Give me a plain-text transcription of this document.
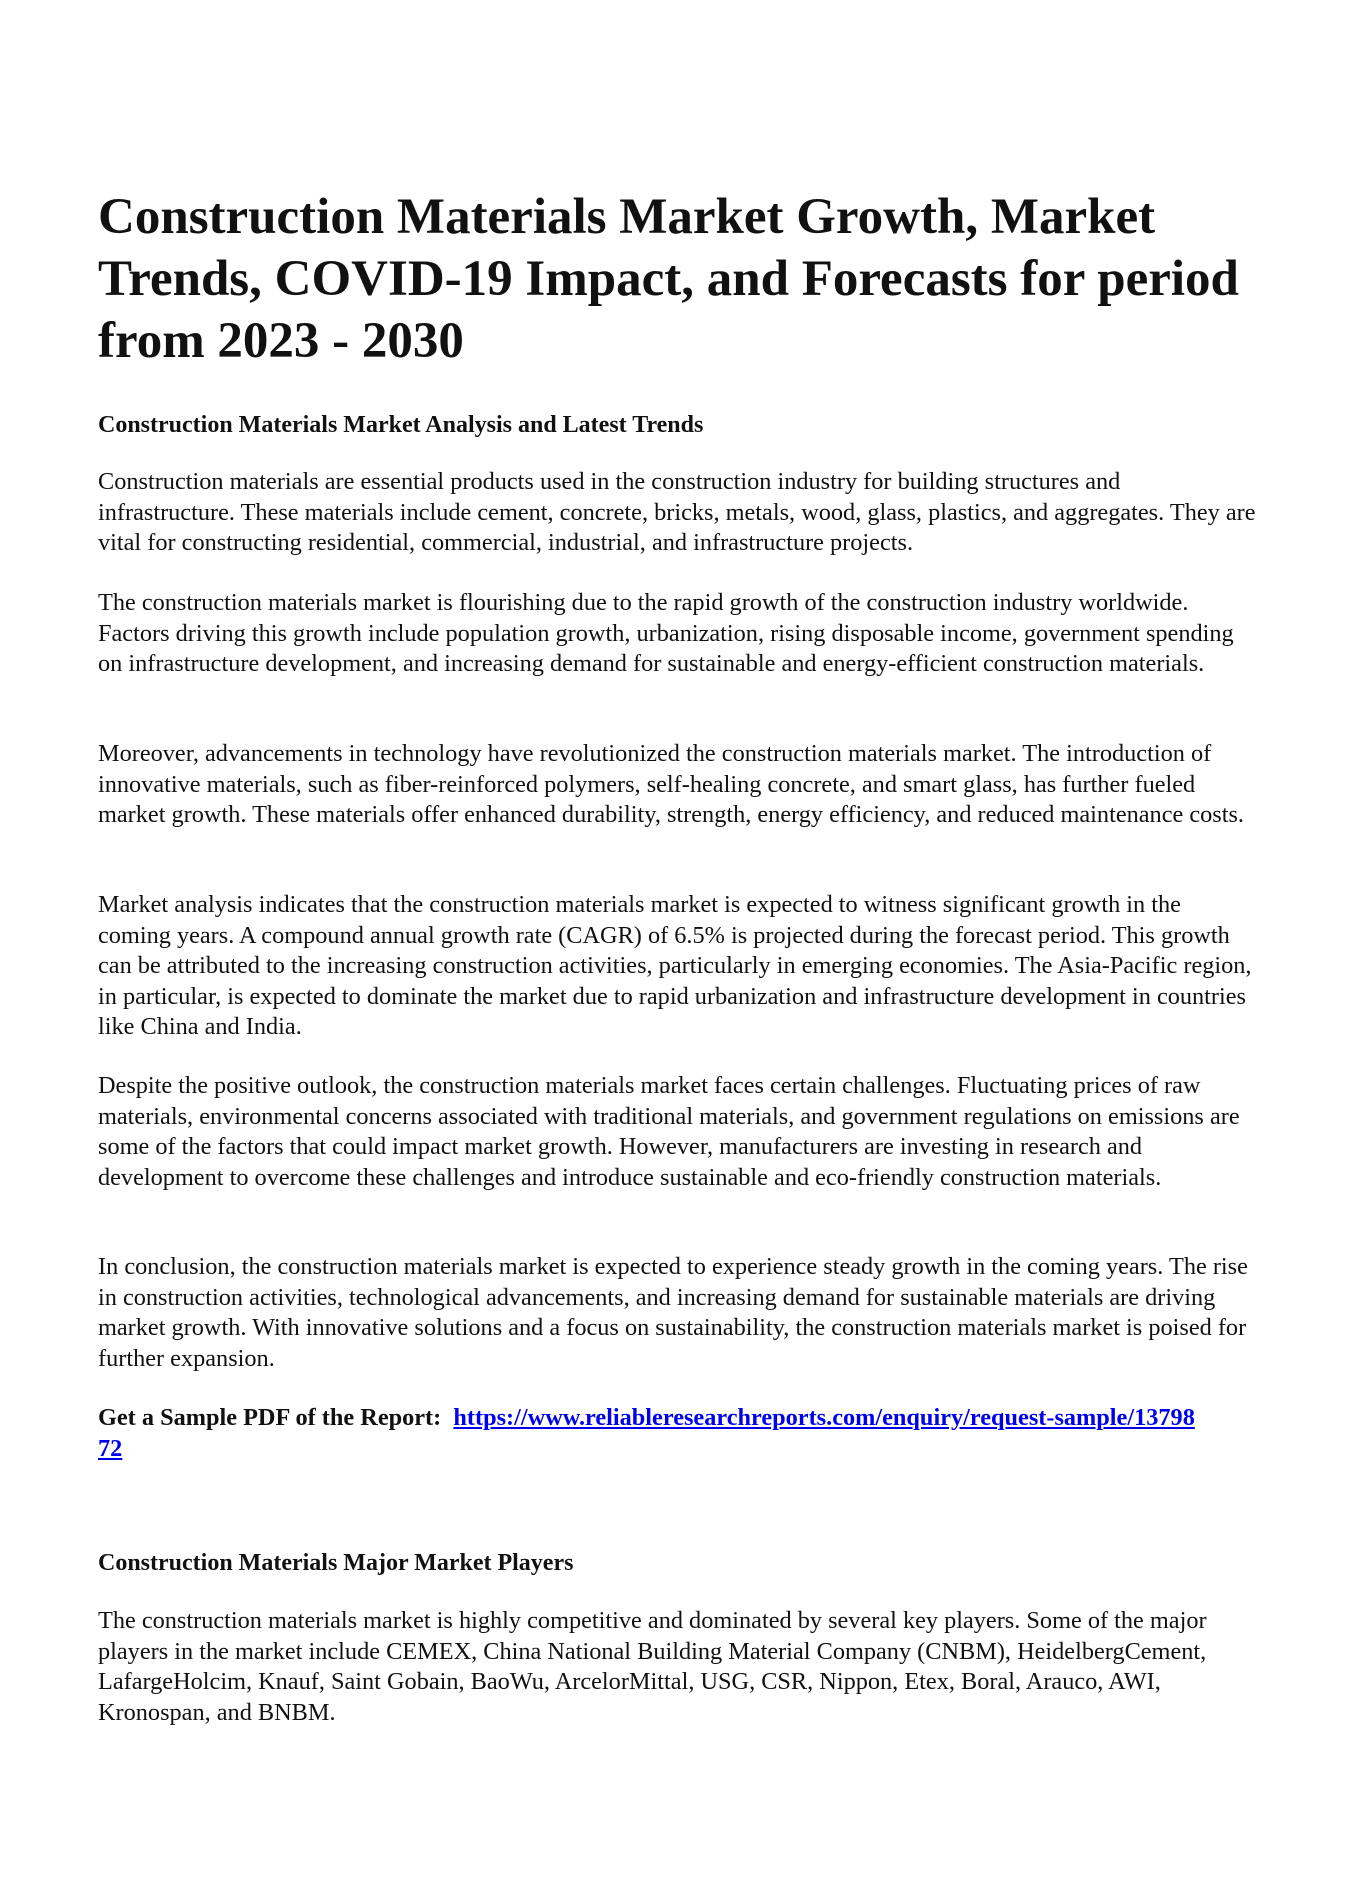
Construction Materials Market Growth, Market Trends, COVID-19 Impact, and Forecasts for period from 2023 - 2030
Construction Materials Market Analysis and Latest Trends

Construction materials are essential products used in the construction industry for building structures and infrastructure. These materials include cement, concrete, bricks, metals, wood, glass, plastics, and aggregates. They are vital for constructing residential, commercial, industrial, and infrastructure projects.

The construction materials market is flourishing due to the rapid growth of the construction industry worldwide. Factors driving this growth include population growth, urbanization, rising disposable income, government spending on infrastructure development, and increasing demand for sustainable and energy-efficient construction materials.

Moreover, advancements in technology have revolutionized the construction materials market. The introduction of innovative materials, such as fiber-reinforced polymers, self-healing concrete, and smart glass, has further fueled market growth. These materials offer enhanced durability, strength, energy efficiency, and reduced maintenance costs.

Market analysis indicates that the construction materials market is expected to witness significant growth in the coming years. A compound annual growth rate (CAGR) of 6.5% is projected during the forecast period. This growth can be attributed to the increasing construction activities, particularly in emerging economies. The Asia-Pacific region, in particular, is expected to dominate the market due to rapid urbanization and infrastructure development in countries like China and India.

Despite the positive outlook, the construction materials market faces certain challenges. Fluctuating prices of raw materials, environmental concerns associated with traditional materials, and government regulations on emissions are some of the factors that could impact market growth. However, manufacturers are investing in research and development to overcome these challenges and introduce sustainable and eco-friendly construction materials.

In conclusion, the construction materials market is expected to experience steady growth in the coming years. The rise in construction activities, technological advancements, and increasing demand for sustainable materials are driving market growth. With innovative solutions and a focus on sustainability, the construction materials market is poised for further expansion.

Get a Sample PDF of the Report: https://www.reliableresearchreports.com/enquiry/request-sample/1379872

Construction Materials Major Market Players

The construction materials market is highly competitive and dominated by several key players. Some of the major players in the market include CEMEX, China National Building Material Company (CNBM), HeidelbergCement, LafargeHolcim, Knauf, Saint Gobain, BaoWu, ArcelorMittal, USG, CSR, Nippon, Etex, Boral, Arauco, AWI, Kronospan, and BNBM.
